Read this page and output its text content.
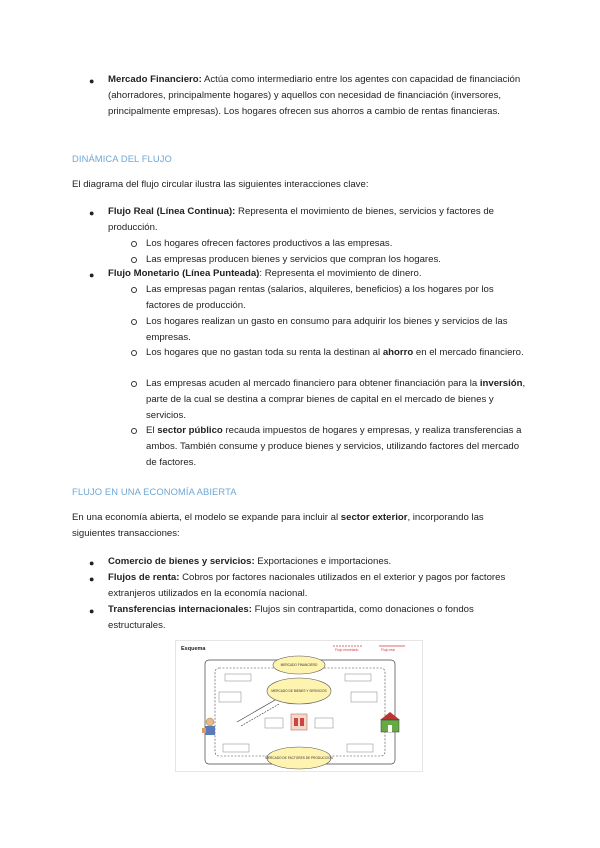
● Mercado Financiero: Actúa como intermediario entre los agentes con capacidad de financiación (ahorradores, principalmente hogares) y aquellos con necesidad de financiación (inversores, principalmente empresas). Los hogares ofrecen sus ahorros a cambio de rentas financieras.
DINÁMICA DEL FLUJO
El diagrama del flujo circular ilustra las siguientes interacciones clave:
● Flujo Real (Línea Continua): Representa el movimiento de bienes, servicios y factores de producción.
Los hogares ofrecen factores productivos a las empresas.
Las empresas producen bienes y servicios que compran los hogares.
● Flujo Monetario (Línea Punteada): Representa el movimiento de dinero.
Las empresas pagan rentas (salarios, alquileres, beneficios) a los hogares por los factores de producción.
Los hogares realizan un gasto en consumo para adquirir los bienes y servicios de las empresas.
Los hogares que no gastan toda su renta la destinan al ahorro en el mercado financiero.
Las empresas acuden al mercado financiero para obtener financiación para la inversión, parte de la cual se destina a comprar bienes de capital en el mercado de bienes y servicios.
El sector público recauda impuestos de hogares y empresas, y realiza transferencias a ambos. También consume y produce bienes y servicios, utilizando factores del mercado de factores.
FLUJO EN UNA ECONOMÍA ABIERTA
En una economía abierta, el modelo se expande para incluir al sector exterior, incorporando las siguientes transacciones:
● Comercio de bienes y servicios: Exportaciones e importaciones.
● Flujos de renta: Cobros por factores nacionales utilizados en el exterior y pagos por factores extranjeros utilizados en la economía nacional.
● Transferencias internacionales: Flujos sin contrapartida, como donaciones o fondos estructurales.
Esquema	Flujo monetario	Flujo real
MERCADO FINANCIERO
MERCADO DE BIENES Y SERVICIOS
MERCADO DE FACTORES DE PRODUCCIÓN
